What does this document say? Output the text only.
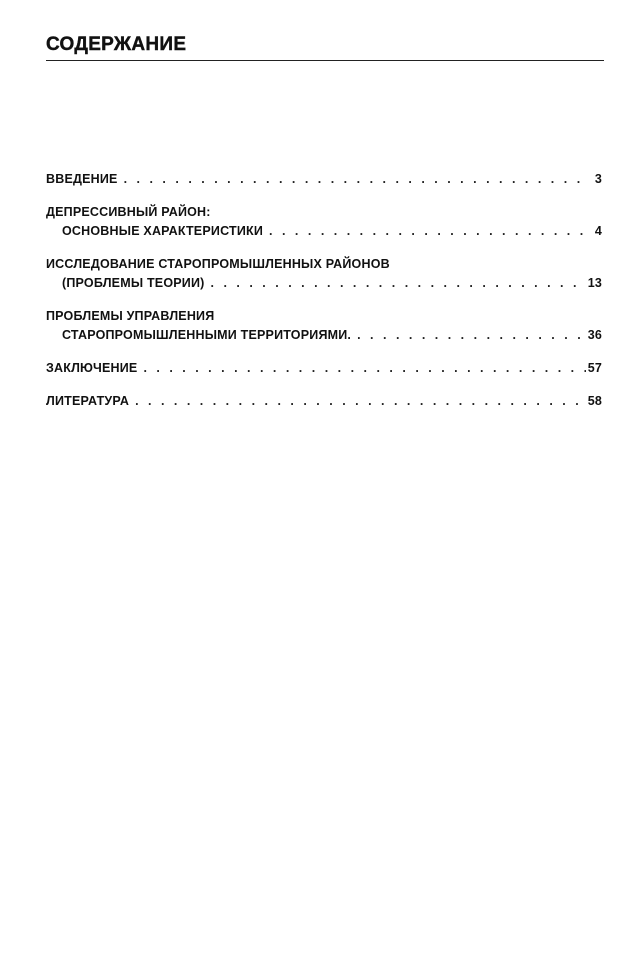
СОДЕРЖАНИЕ
ВВЕДЕНИЕ . . .	3
ДЕПРЕССИВНЫЙ РАЙОН:
ОСНОВНЫЕ ХАРАКТЕРИСТИКИ . . .	4
ИССЛЕДОВАНИЕ СТАРОПРОМЫШЛЕННЫХ РАЙОНОВ
(ПРОБЛЕМЫ ТЕОРИИ) . . .	13
ПРОБЛЕМЫ УПРАВЛЕНИЯ
СТАРОПРОМЫШЛЕННЫМИ ТЕРРИТОРИЯМИ. . . .	36
ЗАКЛЮЧЕНИЕ . . .	57
ЛИТЕРАТУРА . . .	58
